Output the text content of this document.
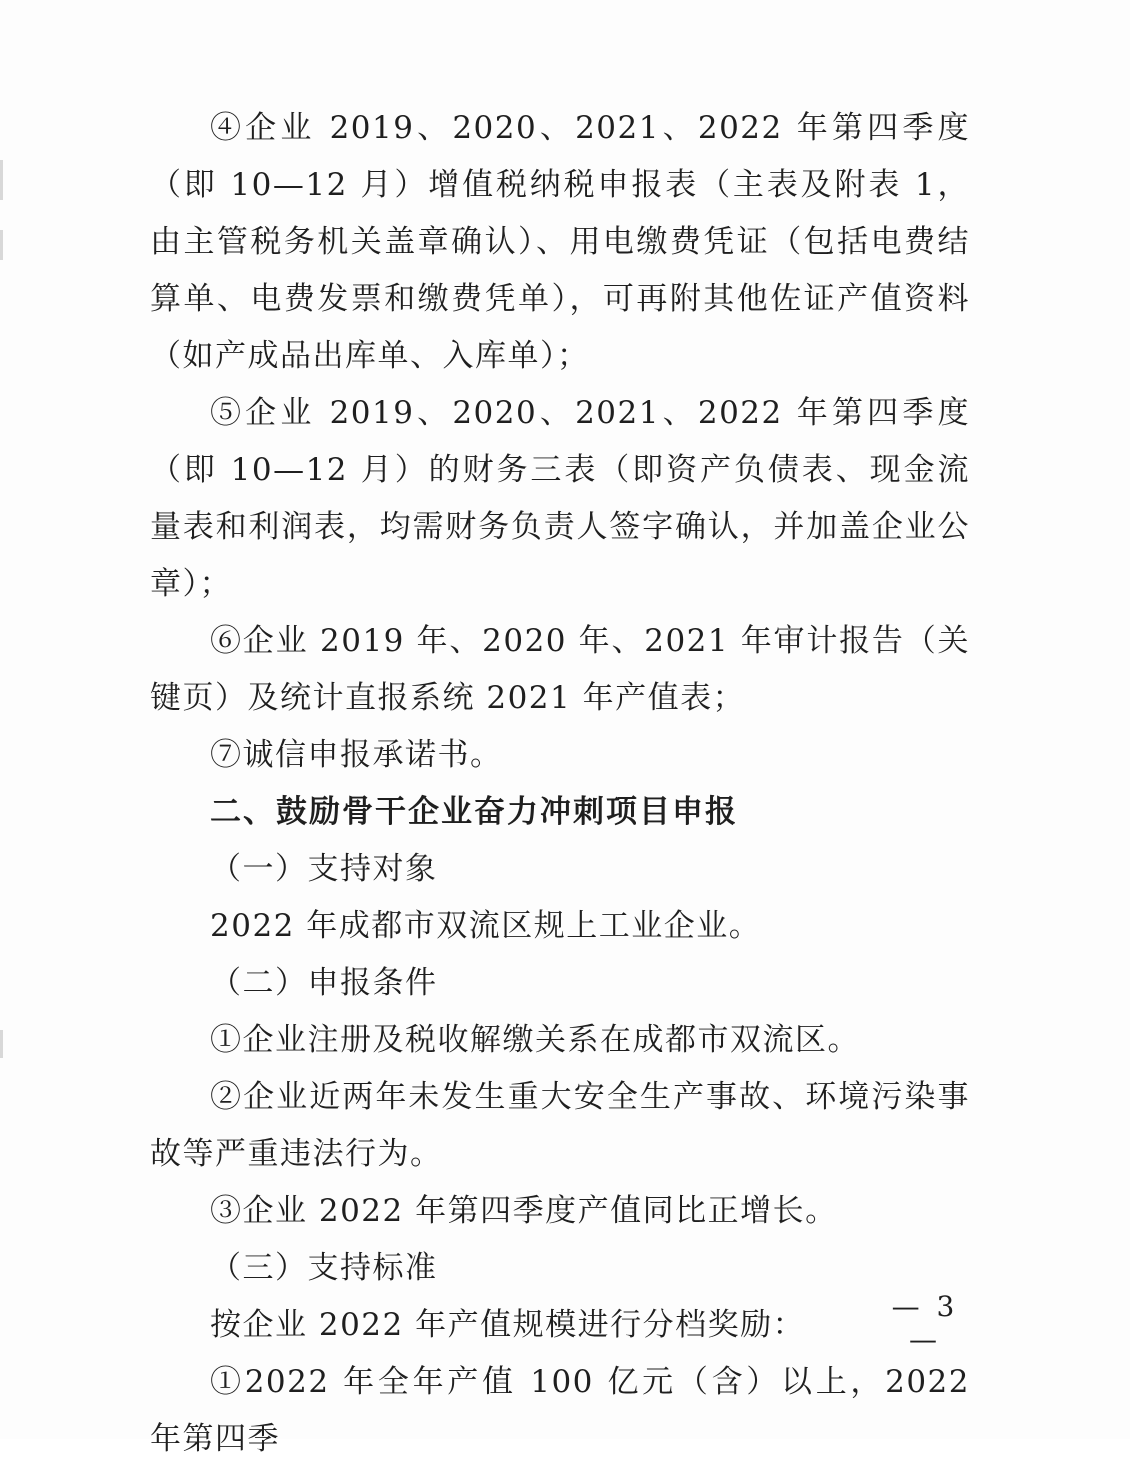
④企业 2019、2020、2021、2022 年第四季度（即 10—12 月）增值税纳税申报表（主表及附表 1，由主管税务机关盖章确认）、用电缴费凭证（包括电费结算单、电费发票和缴费凭单），可再附其他佐证产值资料（如产成品出库单、入库单）；

⑤企业 2019、2020、2021、2022 年第四季度（即 10—12 月）的财务三表（即资产负债表、现金流量表和利润表，均需财务负责人签字确认，并加盖企业公章）；

⑥企业 2019 年、2020 年、2021 年审计报告（关键页）及统计直报系统 2021 年产值表；

⑦诚信申报承诺书。

二、鼓励骨干企业奋力冲刺项目申报

（一）支持对象

2022 年成都市双流区规上工业企业。

（二）申报条件

①企业注册及税收解缴关系在成都市双流区。

②企业近两年未发生重大安全生产事故、环境污染事故等严重违法行为。

③企业 2022 年第四季度产值同比正增长。

（三）支持标准

按企业 2022 年产值规模进行分档奖励：

①2022 年全年产值 100 亿元（含）以上，2022 年第四季

— 3 —
